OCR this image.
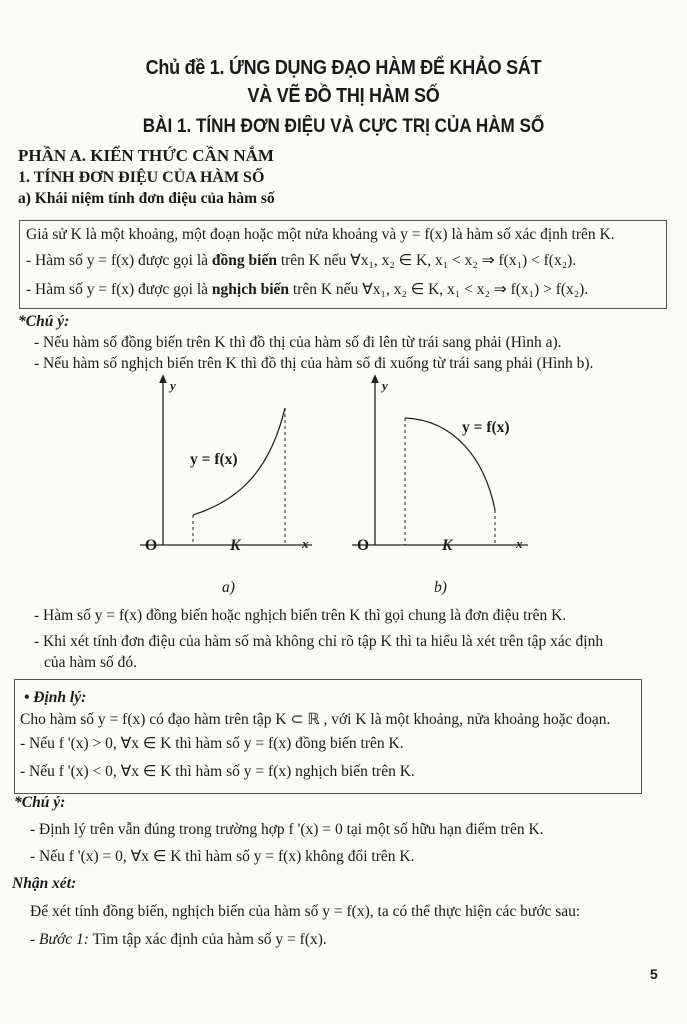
Chủ đề 1. ỨNG DỤNG ĐẠO HÀM ĐỂ KHẢO SÁT
VÀ VẼ ĐỒ THỊ HÀM SỐ
BÀI 1. TÍNH ĐƠN ĐIỆU VÀ CỰC TRỊ CỦA HÀM SỐ
PHẦN A. KIẾN THỨC CẦN NẮM
1. TÍNH ĐƠN ĐIỆU CỦA HÀM SỐ
a) Khái niệm tính đơn điệu của hàm số
Giả sử K là một khoảng, một đoạn hoặc một nửa khoảng và y = f(x) là hàm số xác định trên K.
- Hàm số y = f(x) được gọi là đồng biến trên K nếu ∀x₁, x₂ ∈ K, x₁ < x₂ ⇒ f(x₁) < f(x₂).
- Hàm số y = f(x) được gọi là nghịch biến trên K nếu ∀x₁, x₂ ∈ K, x₁ < x₂ ⇒ f(x₁) > f(x₂).
*Chú ý:
- Nếu hàm số đồng biến trên K thì đồ thị của hàm số đi lên từ trái sang phải (Hình a).
- Nếu hàm số nghịch biến trên K thì đồ thị của hàm số đi xuống từ trái sang phải (Hình b).
y
y = f(x)
O	K	x
a)
y
y = f(x)
O	K	x
b)
- Hàm số y = f(x) đồng biến hoặc nghịch biến trên K thì gọi chung là đơn điệu trên K.
- Khi xét tính đơn điệu của hàm số mà không chỉ rõ tập K thì ta hiểu là xét trên tập xác định
của hàm số đó.
• Định lý:
Cho hàm số y = f(x) có đạo hàm trên tập K ⊂ ℝ , với K là một khoảng, nửa khoảng hoặc đoạn.
- Nếu f '(x) > 0, ∀x ∈ K thì hàm số y = f(x) đồng biến trên K.
- Nếu f '(x) < 0, ∀x ∈ K thì hàm số y = f(x) nghịch biến trên K.
*Chú ý:
- Định lý trên vẫn đúng trong trường hợp f '(x) = 0 tại một số hữu hạn điểm trên K.
- Nếu f '(x) = 0, ∀x ∈ K thì hàm số y = f(x) không đổi trên K.
Nhận xét:
Để xét tính đồng biến, nghịch biến của hàm số y = f(x), ta có thể thực hiện các bước sau:
- Bước 1: Tìm tập xác định của hàm số y = f(x).
5
